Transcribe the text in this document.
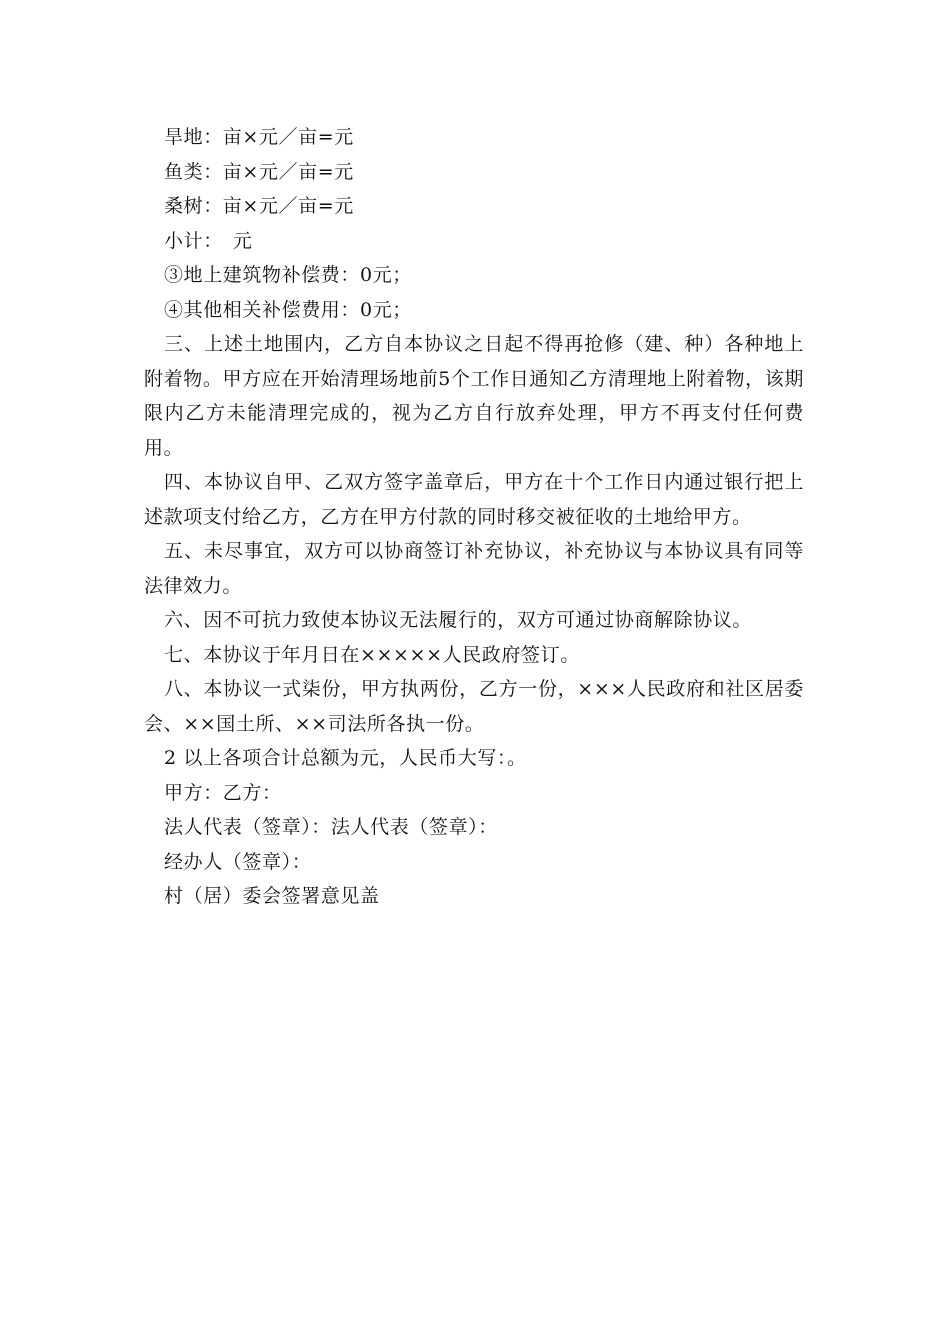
旱地：亩×元／亩=元

鱼类：亩×元／亩=元

桑树：亩×元／亩=元

小计：　元

③地上建筑物补偿费：0元；

④其他相关补偿费用：0元；

三、上述土地围内，乙方自本协议之日起不得再抢修（建、种）各种地上附着物。甲方应在开始清理场地前5个工作日通知乙方清理地上附着物，该期限内乙方未能清理完成的，视为乙方自行放弃处理，甲方不再支付任何费用。

四、本协议自甲、乙双方签字盖章后，甲方在十个工作日内通过银行把上述款项支付给乙方，乙方在甲方付款的同时移交被征收的土地给甲方。

五、未尽事宜，双方可以协商签订补充协议，补充协议与本协议具有同等法律效力。

六、因不可抗力致使本协议无法履行的，双方可通过协商解除协议。

七、本协议于年月日在×××××人民政府签订。

八、本协议一式柒份，甲方执两份，乙方一份，×××人民政府和社区居委会、××国土所、××司法所各执一份。

2 以上各项合计总额为元，人民币大写：。

甲方：乙方：

法人代表（签章）：法人代表（签章）：

经办人（签章）：

村（居）委会签署意见盖
